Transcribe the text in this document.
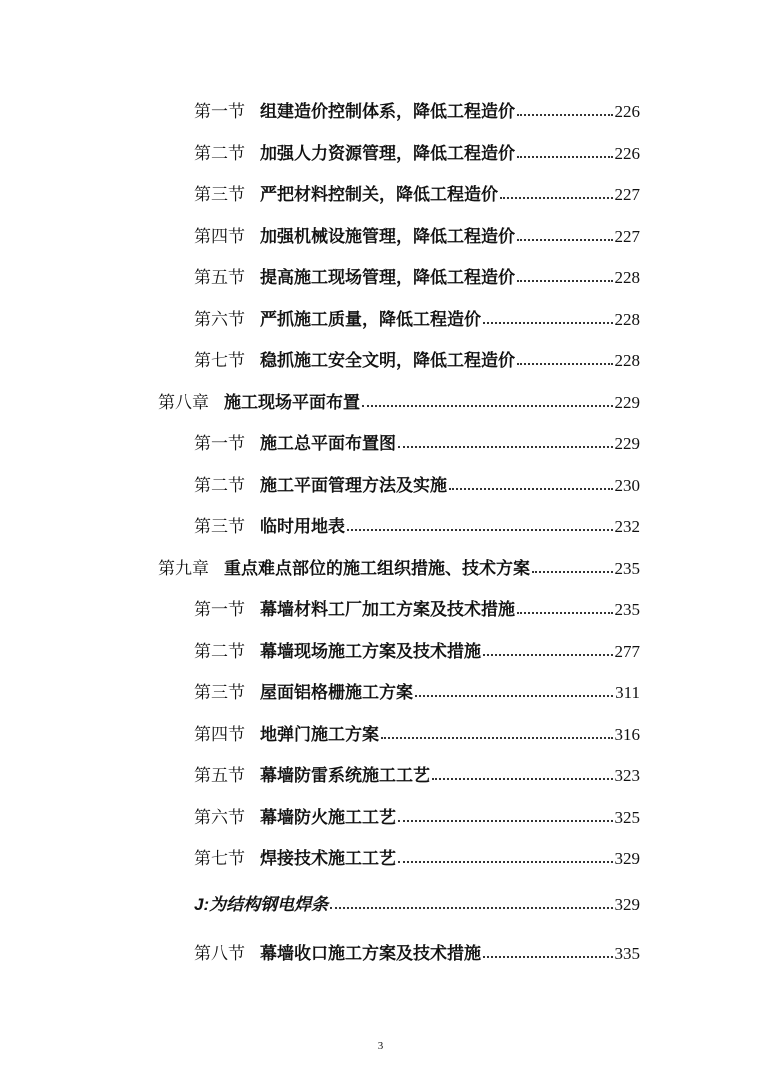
第一节 组建造价控制体系，降低工程造价	226
第二节 加强人力资源管理，降低工程造价	226
第三节 严把材料控制关，降低工程造价	227
第四节 加强机械设施管理，降低工程造价	227
第五节 提高施工现场管理，降低工程造价	228
第六节 严抓施工质量，降低工程造价	228
第七节 稳抓施工安全文明，降低工程造价	228
第八章 施工现场平面布置	229
第一节 施工总平面布置图	229
第二节 施工平面管理方法及实施	230
第三节 临时用地表	232
第九章 重点难点部位的施工组织措施、技术方案	235
第一节 幕墙材料工厂加工方案及技术措施	235
第二节 幕墙现场施工方案及技术措施	277
第三节 屋面铝格栅施工方案	311
第四节 地弹门施工方案	316
第五节 幕墙防雷系统施工工艺	323
第六节 幕墙防火施工工艺	325
第七节 焊接技术施工工艺	329
J:为结构钢电焊条	329
第八节 幕墙收口施工方案及技术措施	335
3
